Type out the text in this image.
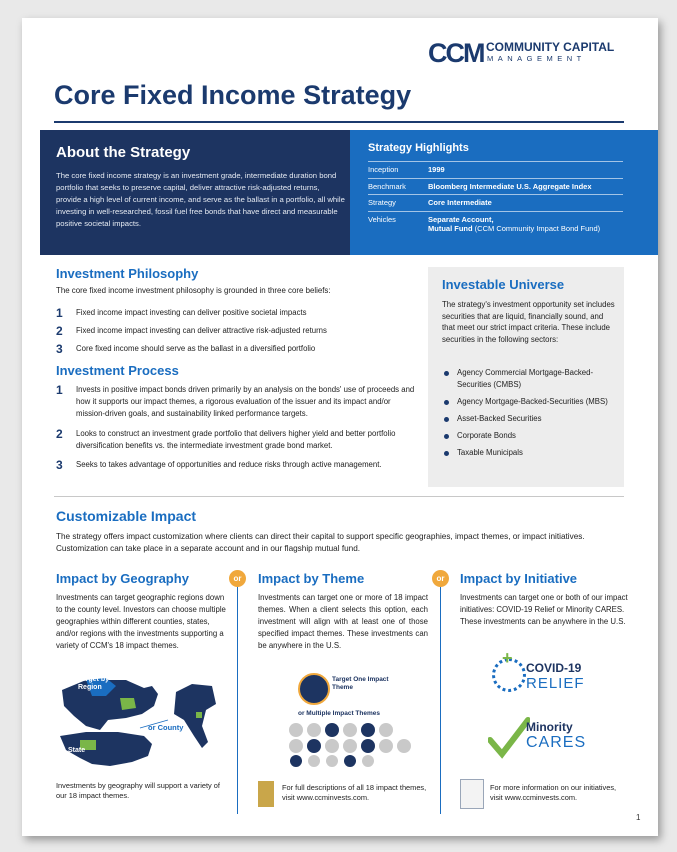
CCM COMMUNITY CAPITAL
MANAGEMENT
Core Fixed Income Strategy
About the Strategy

The core fixed income strategy is an investment grade, intermediate duration bond portfolio that seeks to preserve capital, deliver attractive risk-adjusted returns, provide a high level of current income, and serve as the ballast in a portfolio, all while investing in well-researched, fossil fuel free bonds that have direct and measurable positive societal impacts.

Strategy Highlights
Inception	1999
Benchmark	Bloomberg Intermediate U.S. Aggregate Index
Strategy	Core Intermediate
Vehicles	Separate Account,
Mutual Fund (CCM Community Impact Bond Fund)
Investment Philosophy
The core fixed income investment philosophy is grounded in three core beliefs:
1 Fixed income impact investing can deliver positive societal impacts
2 Fixed income impact investing can deliver attractive risk-adjusted returns
3 Core fixed income should serve as the ballast in a diversified portfolio
Investment Process
1 Invests in positive impact bonds driven primarily by an analysis on the bonds' use of proceeds and how it supports our impact themes, a rigorous evaluation of the issuer and its impact and/or mission-driven goals, and sustainability linked performance targets.
2 Looks to construct an investment grade portfolio that delivers higher yield and better portfolio diversification benefits vs. the intermediate investment grade bond market.
3 Seeks to takes advantage of opportunities and reduce risks through active management.
Investable Universe

The strategy's investment opportunity set includes securities that are liquid, financially sound, and that meet our strict impact criteria. These include securities in the following sectors:

Agency Commercial Mortgage-Backed-Securities (CMBS)
Agency Mortgage-Backed-Securities (MBS)
Asset-Backed Securities
Corporate Bonds
Taxable Municipals
Customizable Impact
The strategy offers impact customization where clients can direct their capital to support specific geographies, impact themes, or impact initiatives. Customization can take place in a separate account and in our flagship mutual fund.
or	or
Impact by Geography
Investments can target geographic regions down to the county level. Investors can choose multiple geographies within different counties, states, and/or regions with the investments supporting a variety of CCM's 18 impact themes.
Target by Region
or County
State
Investments by geography will support a variety of our 18 impact themes.
Impact by Theme
Investments can target one or more of 18 impact themes. When a client selects this option, each investment will align with at least one of those specified impact themes. These investments can be anywhere in the U.S.
Target One Impact Theme
or Multiple Impact Themes
For full descriptions of all 18 impact themes, visit www.ccminvests.com.
Impact by Initiative
Investments can target one or both of our impact initiatives: COVID-19 Relief or Minority CARES. These investments can be anywhere in the U.S.
+ COVID-19
RELIEF
Minority
CARES
For more information on our initiatives, visit www.ccminvests.com.
1
